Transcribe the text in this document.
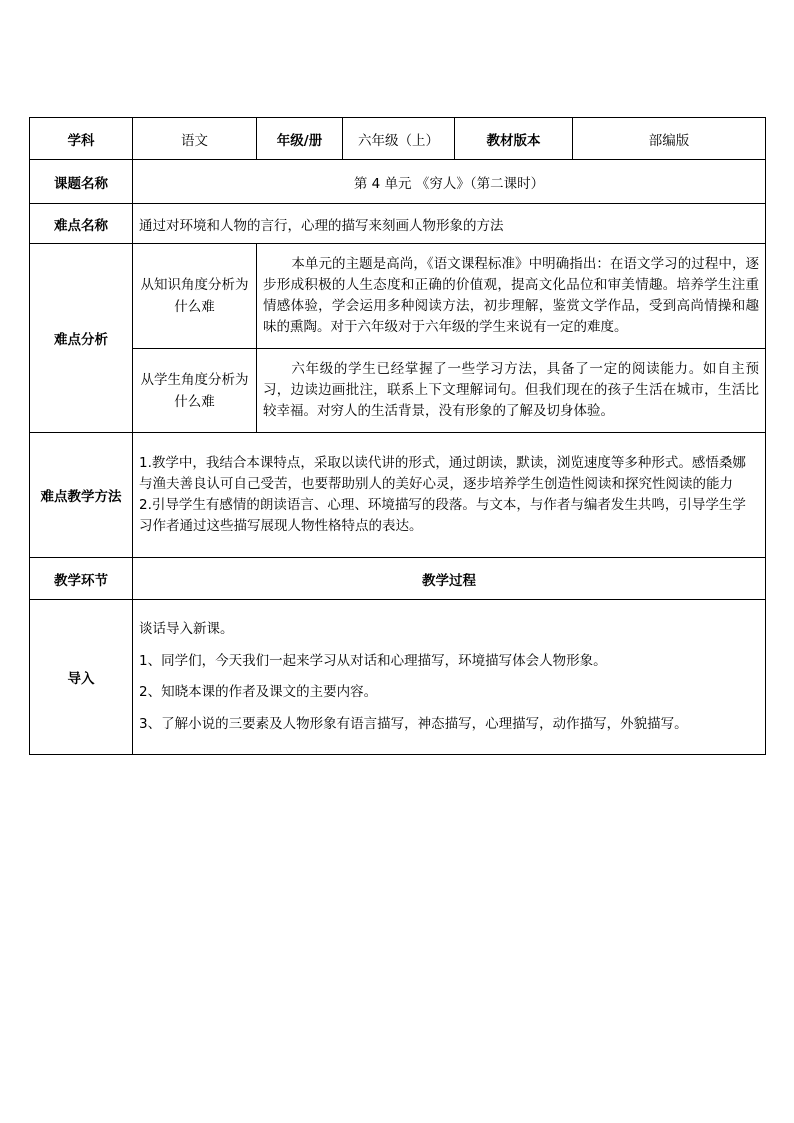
学科	语文	年级/册	六年级（上）	教材版本	部编版
课题名称	第 4 单元 《穷人》（第二课时）				
难点名称	通过对环境和人物的言行，心理的描写来刻画人物形象的方法				
难点分析	从知识角度分析为什么难	本单元的主题是高尚，《语文课程标准》中明确指出：在语文学习的过程中，逐步形成积极的人生态度和正确的价值观，提高文化品位和审美情趣。培养学生注重情感体验，学会运用多种阅读方法，初步理解，鉴赏文学作品，受到高尚情操和趣味的熏陶。对于六年级对于六年级的学生来说有一定的难度。			
	从学生角度分析为什么难	六年级的学生已经掌握了一些学习方法，具备了一定的阅读能力。如自主预习，边读边画批注，联系上下文理解词句。但我们现在的孩子生活在城市，生活比较幸福。对穷人的生活背景，没有形象的了解及切身体验。			
难点教学方法	1.教学中，我结合本课特点，采取以读代讲的形式，通过朗读，默读，浏览速度等多种形式。感悟桑娜与渔夫善良认可自己受苦，也要帮助别人的美好心灵，逐步培养学生创造性阅读和探究性阅读的能力

2.引导学生有感情的朗读语言、心理、环境描写的段落。与文本，与作者与编者发生共鸣，引导学生学习作者通过这些描写展现人物性格特点的表达。				

教学环节	教学过程				
导入	谈话导入新课。

1、同学们，今天我们一起来学习从对话和心理描写，环境描写体会人物形象。

2、知晓本课的作者及课文的主要内容。

3、了解小说的三要素及人物形象有语言描写，神态描写，心理描写，动作描写，外貌描写。				
